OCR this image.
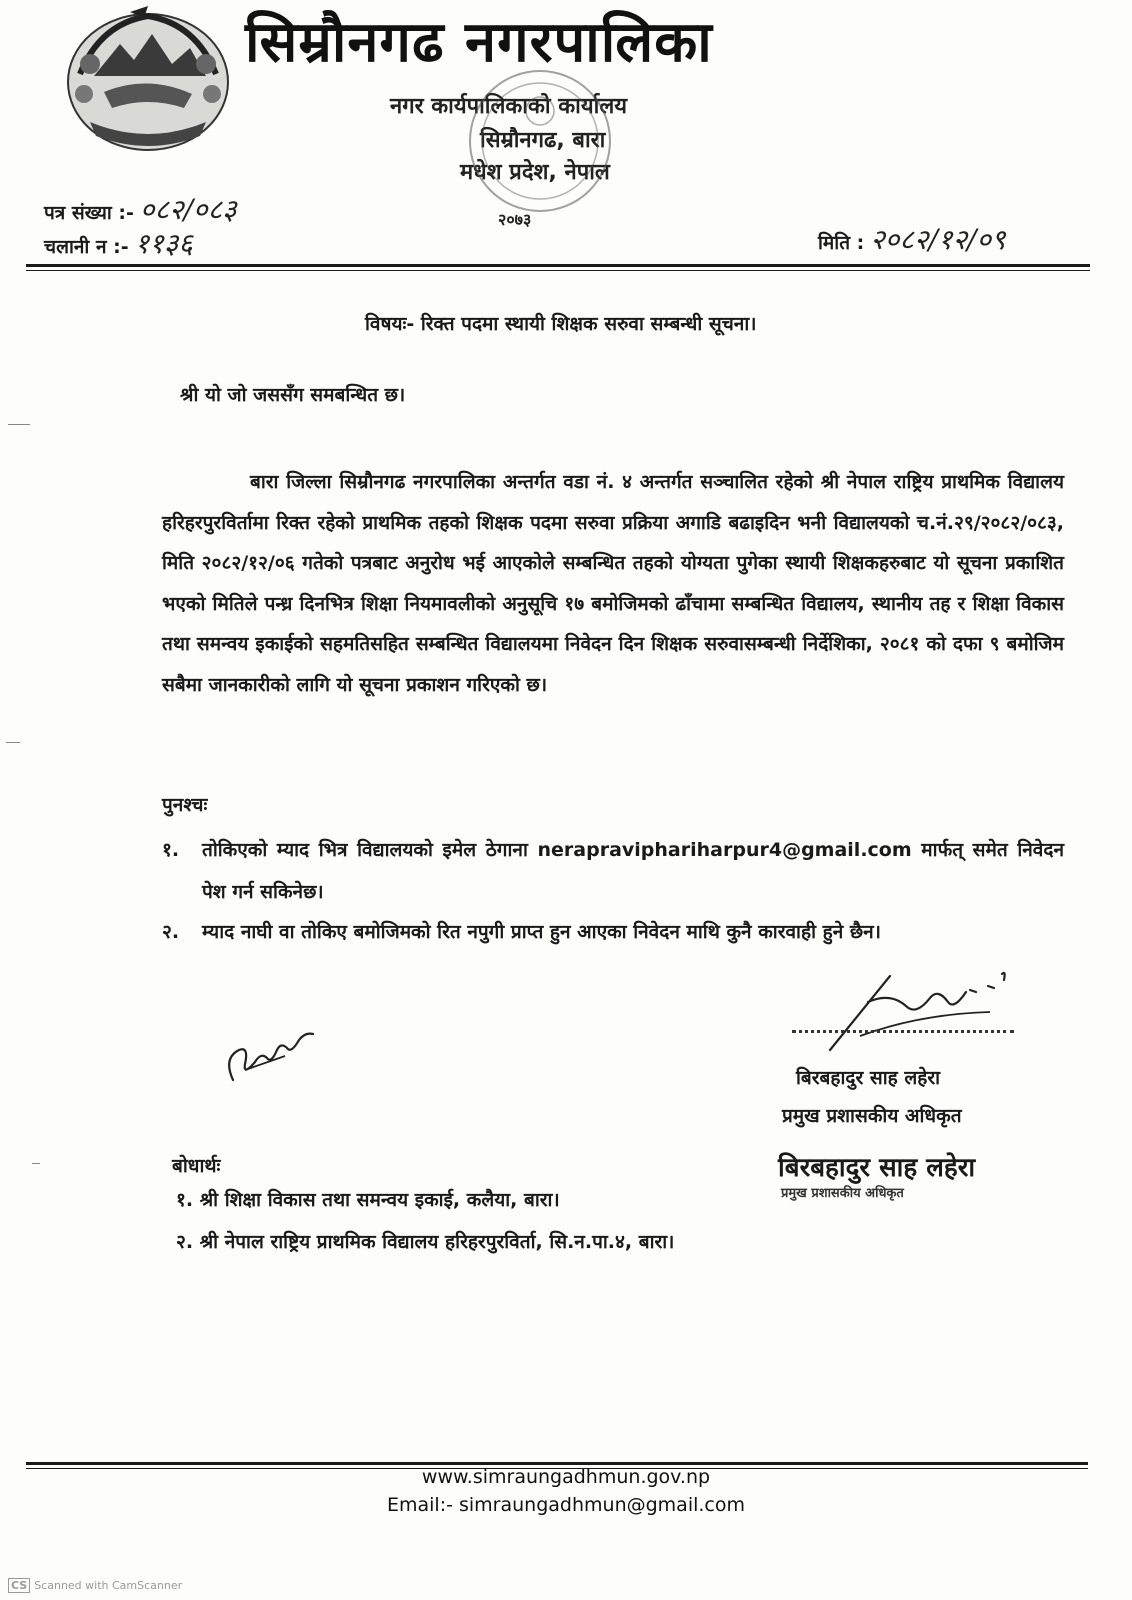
सिम्रौनगढ नगरपालिका
नगर कार्यपालिकाको कार्यालय
सिम्रौनगढ, बारा
मधेश प्रदेश, नेपाल
२०७३
पत्र संख्या :- ०८२/०८३
चलानी न :- ११३६	मिति : २०८२/१२/०९
विषयः- रिक्त पदमा स्थायी शिक्षक सरुवा सम्बन्धी सूचना।
श्री यो जो जससँग समबन्धित छ।
बारा जिल्ला सिम्रौनगढ नगरपालिका अन्तर्गत वडा नं. ४ अन्तर्गत सञ्चालित रहेको श्री नेपाल राष्ट्रिय प्राथमिक विद्यालय हरिहरपुरविर्तामा रिक्त रहेको प्राथमिक तहको शिक्षक पदमा सरुवा प्रक्रिया अगाडि बढाइदिन भनी विद्यालयको च.नं.२९/२०८२/०८३, मिति २०८२/१२/०६ गतेको पत्रबाट अनुरोध भई आएकोले सम्बन्धित तहको योग्यता पुगेका स्थायी शिक्षकहरुबाट यो सूचना प्रकाशित भएको मितिले पन्ध्र दिनभित्र शिक्षा नियमावलीको अनुसूचि १७ बमोजिमको ढाँचामा सम्बन्धित विद्यालय, स्थानीय तह र शिक्षा विकास तथा समन्वय इकाईको सहमतिसहित सम्बन्धित विद्यालयमा निवेदन दिन शिक्षक सरुवासम्बन्धी निर्देशिका, २०८१ को दफा ९ बमोजिम सबैमा जानकारीको लागि यो सूचना प्रकाशन गरिएको छ।
पुनश्चः
१.	तोकिएको म्याद भित्र विद्यालयको इमेल ठेगाना nerapraviphariharpur4@gmail.com मार्फत् समेत निवेदन पेश गर्न सकिनेछ।
२.	म्याद नाघी वा तोकिए बमोजिमको रित नपुगी प्राप्त हुन आएका निवेदन माथि कुनै कारवाही हुने छैन।
बिरबहादुर साह लहेरा
प्रमुख प्रशासकीय अधिकृत
बिरबहादुर साह लहेरा
प्रमुख प्रशासकीय अधिकृत
बोधार्थः
१. श्री शिक्षा विकास तथा समन्वय इकाई, कलैया, बारा।
२. श्री नेपाल राष्ट्रिय प्राथमिक विद्यालय हरिहरपुरविर्ता, सि.न.पा.४, बारा।
www.simraungadhmun.gov.np
Email:- simraungadhmun@gmail.com
CS Scanned with CamScanner
